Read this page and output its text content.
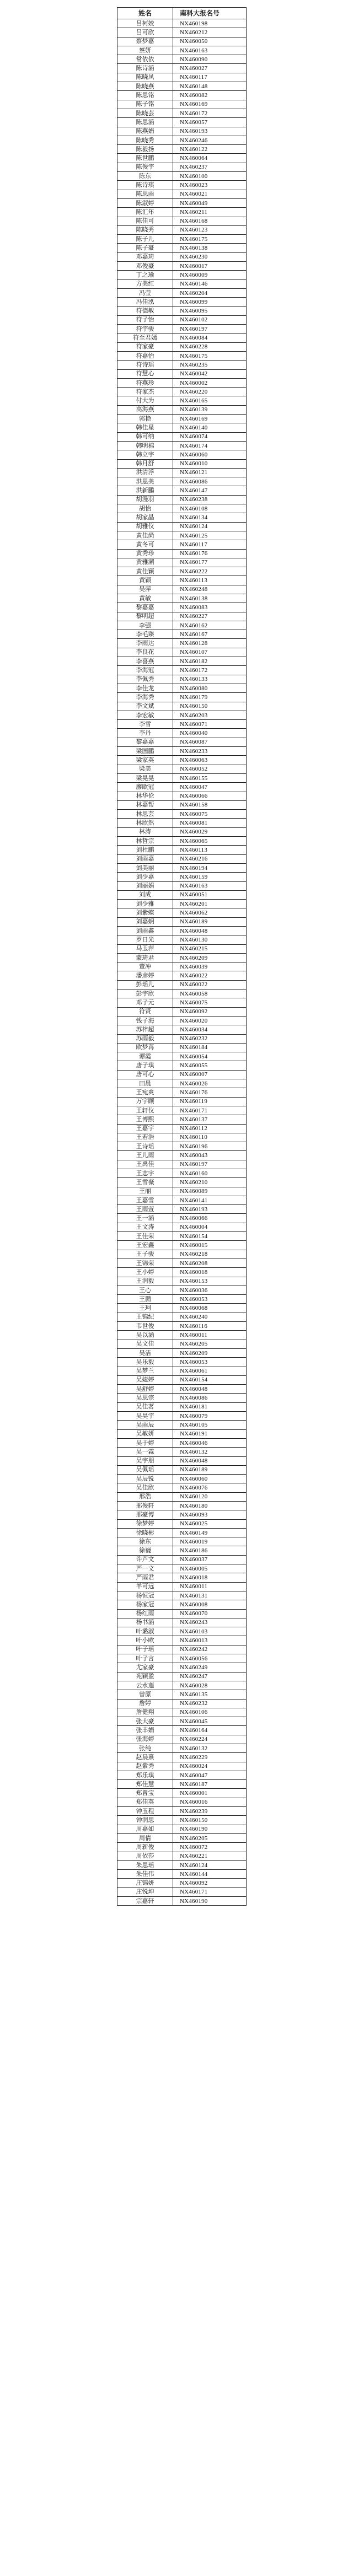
姓名	南科大报名号
吕柯姣	NX460198
吕可欣	NX460212
蔡梦嘉	NX460050
蔡妍	NX460163
常依依	NX460090
陈诗涵	NX460027
陈晓凤	NX460117
陈晓燕	NX460148
陈思铭	NX460082
陈子铭	NX460169
陈晓芸	NX460172
陈思涵	NX460057
陈燕娟	NX460193
陈晓秀	NX460246
陈毅扬	NX460122
陈世鹏	NX460064
陈俊宇	NX460237
陈东	NX460100
陈诗琪	NX460023
陈思雨	NX460021
陈淑婷	NX460049
陈汇年	NX460211
陈佳可	NX460168
陈晓秀	NX460123
陈子儿	NX460175
陈子豪	NX460138
邓嘉琦	NX460230
邓俊豪	NX460017
丁之瑜	NX460009
方美红	NX460146
冯莹	NX460204
冯佳泓	NX460099
符德敏	NX460095
符子怡	NX460102
符宇骏	NX460197
符至君嫣	NX460084
符家豪	NX460228
符嘉怡	NX460175
符诗瑶	NX460235
符慧心	NX460042
符燕珍	NX460002
符家杰	NX460220
付大为	NX460165
高海燕	NX460139
郭艳	NX460169
韩佳星	NX460140
韩可纳	NX460074
韩明棉	NX460174
韩立宇	NX460060
韩月舒	NX460010
洪清浮	NX460121
洪思美	NX460086
洪新鹏	NX460147
胡漫羽	NX460238
胡怡	NX460108
胡家晶	NX460134
胡雅仪	NX460124
黄佳尚	NX460125
黄冬可	NX460117
黄秀珍	NX460176
黄雅潮	NX460177
黄佳颖	NX460222
黄颖	NX460113
吴萍	NX460248
黄敏	NX460138
黎嘉嘉	NX460083
黎明超	NX460227
李强	NX460162
李毛臻	NX460167
李雨达	NX460128
李良花	NX460107
李喜燕	NX460182
李海冠	NX460172
李佩秀	NX460133
李佳龙	NX460080
李海秀	NX460179
李文斌	NX460150
李宏敏	NX460203
李雪	NX460071
李丹	NX460040
黎嘉嘉	NX460087
梁国鹏	NX460233
梁家英	NX460063
梁美	NX460052
梁晃晃	NX460155
廖欧冠	NX460047
林华伦	NX460066
林嘉帮	NX460158
林思芸	NX460075
林欣然	NX460081
林涛	NX460029
林哲宗	NX460065
刘杜鹏	NX460113
刘雨嘉	NX460216
刘美丽	NX460194
刘少嘉	NX460159
刘丽娟	NX460163
刘成	NX460051
刘少雅	NX460201
刘紫蝶	NX460062
刘嘉娴	NX460189
刘雨鑫	NX460048
罗日光	NX460130
马玉萍	NX460215
蒙琦君	NX460209
董冲	NX460039
潘彦婷	NX460022
彭瑶儿	NX460022
彭宇欣	NX460058
邓子元	NX460075
符贤	NX460092
钱子海	NX460020
苏梓超	NX460034
苏雨毅	NX460232
欧梦苒	NX460184
谭霞	NX460054
唐子琪	NX460055
唐可心	NX460007
田晨	NX460026
王宛爽	NX460176
万宇顾	NX460119
王轩仪	NX460171
王博熙	NX460137
王嘉宇	NX460112
王若浩	NX460110
王诗瑶	NX460196
王儿雨	NX460043
王禹佳	NX460197
王志宇	NX460160
王雪薇	NX460210
王丽	NX460089
王嘉雪	NX460141
王雨萱	NX460193
王一涵	NX460066
王文涛	NX460004
王佳荣	NX460154
王宏鑫	NX460015
王子骏	NX460218
王锦荣	NX460208
王小婷	NX460018
王润毅	NX460153
王心	NX460036
王鹏	NX460053
王珂	NX460068
王锦纪	NX460240
韦世俊	NX460116
吴以涵	NX460011
吴文佳	NX460205
吴洁	NX460209
吴乐毅	NX460053
吴梦兰	NX460061
吴婕婷	NX460154
吴舒婷	NX460048
吴思宗	NX460086
吴佳茗	NX460181
吴昊宇	NX460079
吴雨辰	NX460105
吴敏妍	NX460191
吴于婷	NX460046
吴一霖	NX460132
吴宇朋	NX460048
吴佩瑶	NX460189
吴辰锐	NX460060
吴佳欣	NX460076
邢浩	NX460120
邢俊轩	NX460180
邢豪博	NX460093
徐梦婷	NX460025
徐晓彬	NX460149
徐东	NX460019
徐巍	NX460186
许芦文	NX460037
严一文	NX460005
严雨君	NX460018
羊可远	NX460011
杨恒冠	NX460131
杨家冠	NX460008
杨红雨	NX460070
杨书涵	NX460243
叶璐淑	NX460103
叶小欧	NX460013
叶子瑶	NX460242
叶子言	NX460056
尤家豪	NX460249
苑颖盈	NX460247
云水莲	NX460028
曾原	NX460135
詹婷	NX460232
詹健翔	NX460106
张大豪	NX460045
张丰娟	NX460164
张海婷	NX460224
张纯	NX460132
赵晨熹	NX460229
赵紫秀	NX460024
郑乐琪	NX460047
郑佳慧	NX460187
郑曾宝	NX460001
郑佳英	NX460016
钟玉程	NX460239
钟润思	NX460150
周嘉如	NX460190
周倩	NX460205
周新俊	NX460072
周依莎	NX460221
朱思瑶	NX460124
朱佳伟	NX460144
庄锦妍	NX460092
庄悦坤	NX460171
宗嘉轩	NX460190
